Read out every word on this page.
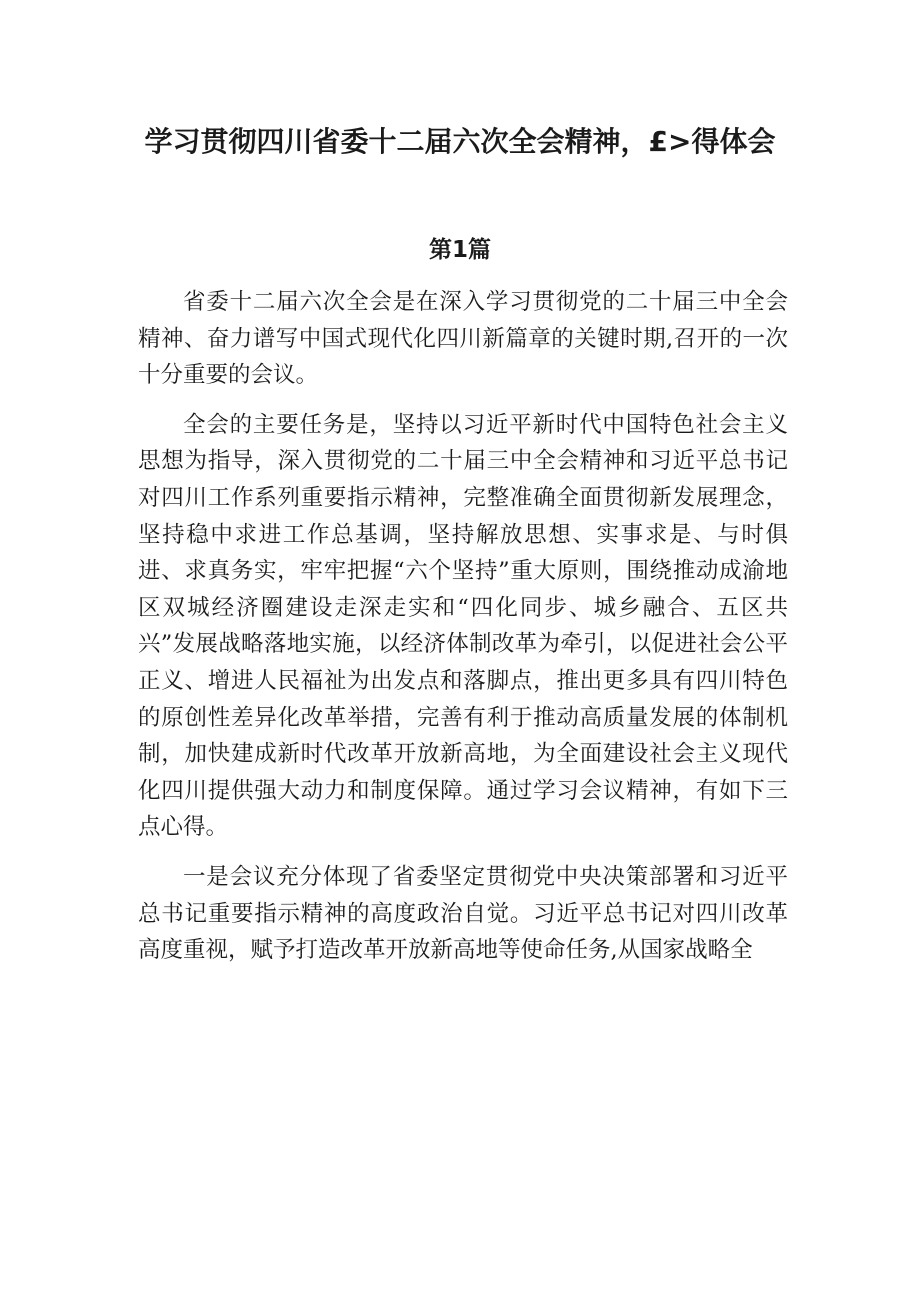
学习贯彻四川省委十二届六次全会精神，£>得体会
第1篇

省委十二届六次全会是在深入学习贯彻党的二十届三中全会精神、奋力谱写中国式现代化四川新篇章的关键时期,召开的一次十分重要的会议。

全会的主要任务是，坚持以习近平新时代中国特色社会主义思想为指导，深入贯彻党的二十届三中全会精神和习近平总书记对四川工作系列重要指示精神，完整准确全面贯彻新发展理念，坚持稳中求进工作总基调，坚持解放思想、实事求是、与时俱进、求真务实，牢牢把握“六个坚持”重大原则，围绕推动成渝地区双城经济圈建设走深走实和“四化同步、城乡融合、五区共兴”发展战略落地实施，以经济体制改革为牵引，以促进社会公平正义、增进人民福祉为出发点和落脚点，推出更多具有四川特色的原创性差异化改革举措，完善有利于推动高质量发展的体制机制，加快建成新时代改革开放新高地，为全面建设社会主义现代化四川提供强大动力和制度保障。通过学习会议精神，有如下三点心得。

一是会议充分体现了省委坚定贯彻党中央决策部署和习近平总书记重要指示精神的高度政治自觉。习近平总书记对四川改革高度重视，赋予打造改革开放新高地等使命任务,从国家战略全
